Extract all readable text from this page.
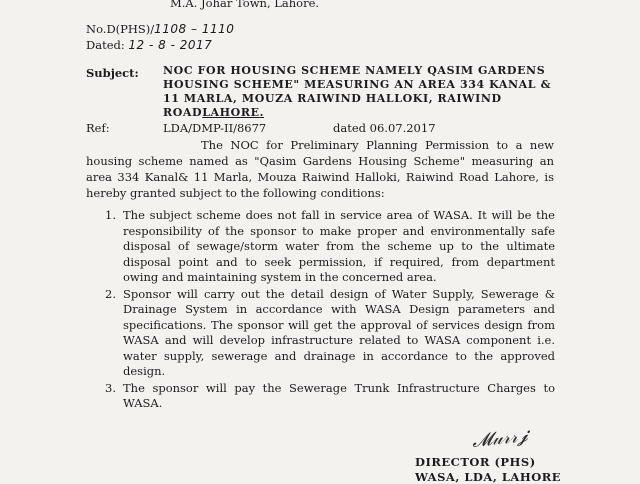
M.A. Johar Town, Lahore.
No.D(PHS)/1108 – 1110
Dated: 12 - 8 - 2017
Subject: NOC FOR HOUSING SCHEME NAMELY QASIM GARDENS HOUSING SCHEME" MEASURING AN AREA 334 KANAL & 11 MARLA, MOUZA RAIWIND HALLOKI, RAIWIND ROADLAHORE.
Ref:	LDA/DMP-II/8677	dated 06.07.2017
The NOC for Preliminary Planning Permission to a new housing scheme named as "Qasim Gardens Housing Scheme" measuring an area 334 Kanal& 11 Marla, Mouza Raiwind Halloki, Raiwind Road Lahore, is hereby granted subject to the following conditions:
1. The subject scheme does not fall in service area of WASA. It will be the responsibility of the sponsor to make proper and environmentally safe disposal of sewage/storm water from the scheme up to the ultimate disposal point and to seek permission, if required, from department owing and maintaining system in the concerned area.
2. Sponsor will carry out the detail design of Water Supply, Sewerage & Drainage System in accordance with WASA Design parameters and specifications. The sponsor will get the approval of services design from WASA and will develop infrastructure related to WASA component i.e. water supply, sewerage and drainage in accordance to the approved design.
3. The sponsor will pay the Sewerage Trunk Infrastructure Charges to WASA.
𝓜𝓊𝓇𝓇𝓳
DIRECTOR (PHS)
WASA, LDA, LAHORE
